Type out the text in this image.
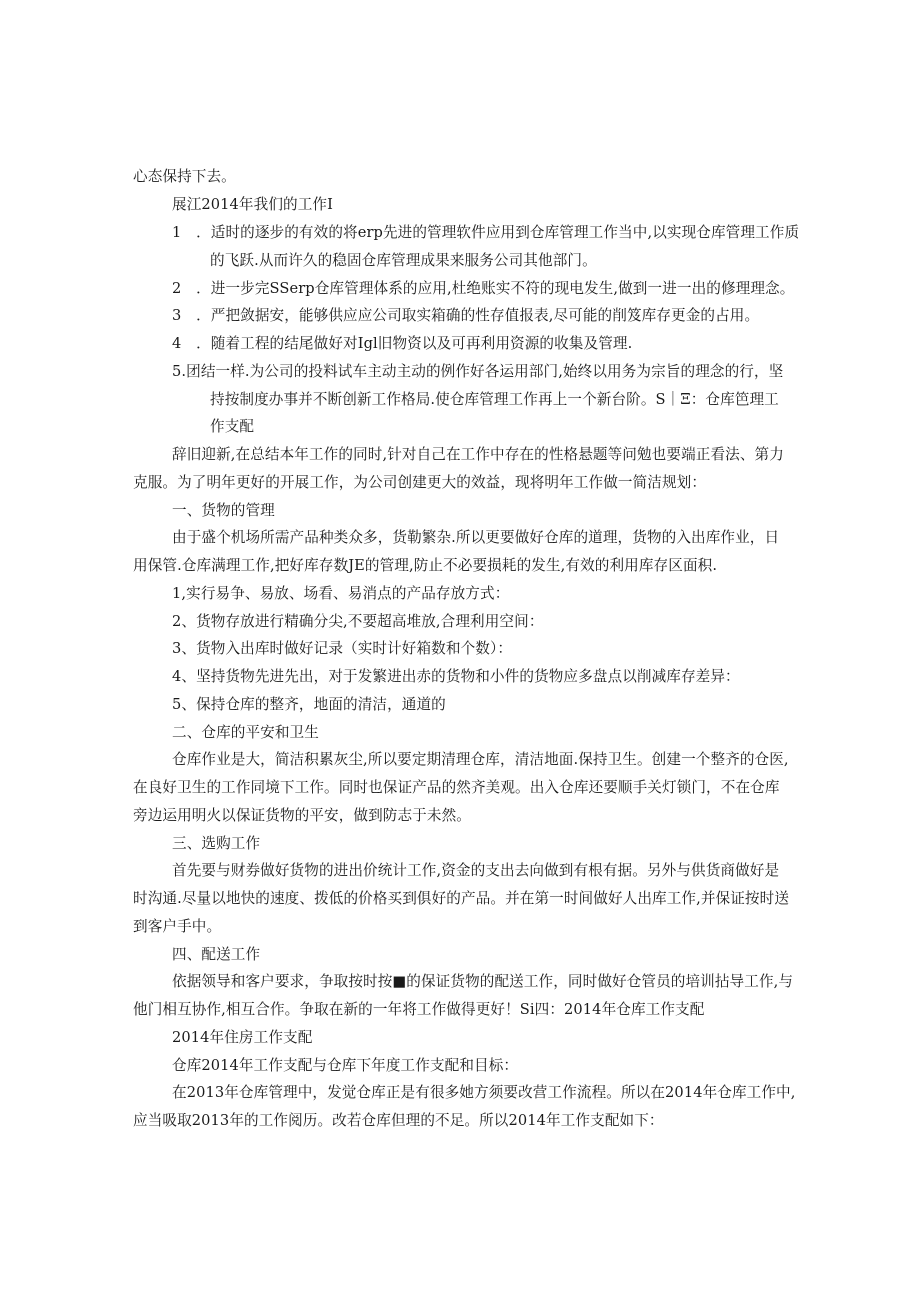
心态保持下去。
展江2014年我们的工作I
1　．适时的逐步的有效的将erp先进的管理软件应用到仓库管理工作当中,以实现仓库管理工作质
的飞跃.从而许久的稳固仓库管理成果来服务公司其他部门。
2　．进一步完SSerp仓库管理体系的应用,杜绝账实不符的现电发生,做到一进一出的修理理念。
3　．严把敛据安，能够供应应公司取实箱确的性存值报表,尽可能的削笈库存更金的占用。
4　．随着工程的结尾做好对Igl旧物资以及可再利用资源的收集及管理.
5.团结一样.为公司的投料试车主动主动的例作好各运用部门,始终以用务为宗旨的理念的行，坚
持按制度办事并不断创新工作格局.使仓库管理工作再上一个新台阶。S｜Ξ：仓库笆理工
作支配
辞旧迎新,在总结本年工作的同时,针对自己在工作中存在的性格悬题等问勉也要端正看法、第力
克服。为了明年更好的开展工作，为公司创建更大的效益，现将明年工作做一简洁规划：
一、货物的管理
由于盛个机场所需产品种类众多，货勒繁杂.所以更要做好仓库的道理，货物的入出库作业，日
用保管.仓库满理工作,把好库存数JE的管理,防止不必要损耗的发生,有效的利用库存区面积.
1,实行易争、易放、场看、易消点的产品存放方式：
2、货物存放进行精确分尖,不要超高堆放,合理利用空间：
3、货物入出库时做好记录（实时计好箱数和个数）：
4、坚持货物先进先出，对于发繁进出赤的货物和小件的货物应多盘点以削减库存差异：
5、保持仓库的整齐，地面的清洁，通道的
二、仓库的平安和卫生
仓库作业是大，简洁积累灰尘,所以要定期清理仓库，清洁地面.保持卫生。创建一个整齐的仓医,
在良好卫生的工作同境下工作。同时也保证产品的然齐美观。出入仓库还要顺手关灯锁门，不在仓库
旁边运用明火以保证货物的平安，做到防志于未然。
三、选购工作
首先要与财券做好货物的进出价统计工作,资金的支出去向做到有根有据。另外与供货商做好是
时沟通.尽量以地快的速度、拨低的价格买到俱好的产品。并在第一时间做好人出库工作,并保证按时送
到客户手中。
四、配送工作
依据领导和客户要求，争取按时按■的保证货物的配送工作，同时做好仓管员的培训拈导工作,与
他门相互协作,相互合作。争取在新的一年将工作做得更好！Si四：2014年仓库工作支配
2014年住房工作支配
仓库2014年工作支配与仓库下年度工作支配和目标：
在2013年仓库管理中，发觉仓库正是有很多她方须要改营工作流程。所以在2014年仓库工作中,
应当吸取2013年的工作阅历。改若仓库但理的不足。所以2014年工作支配如下：
